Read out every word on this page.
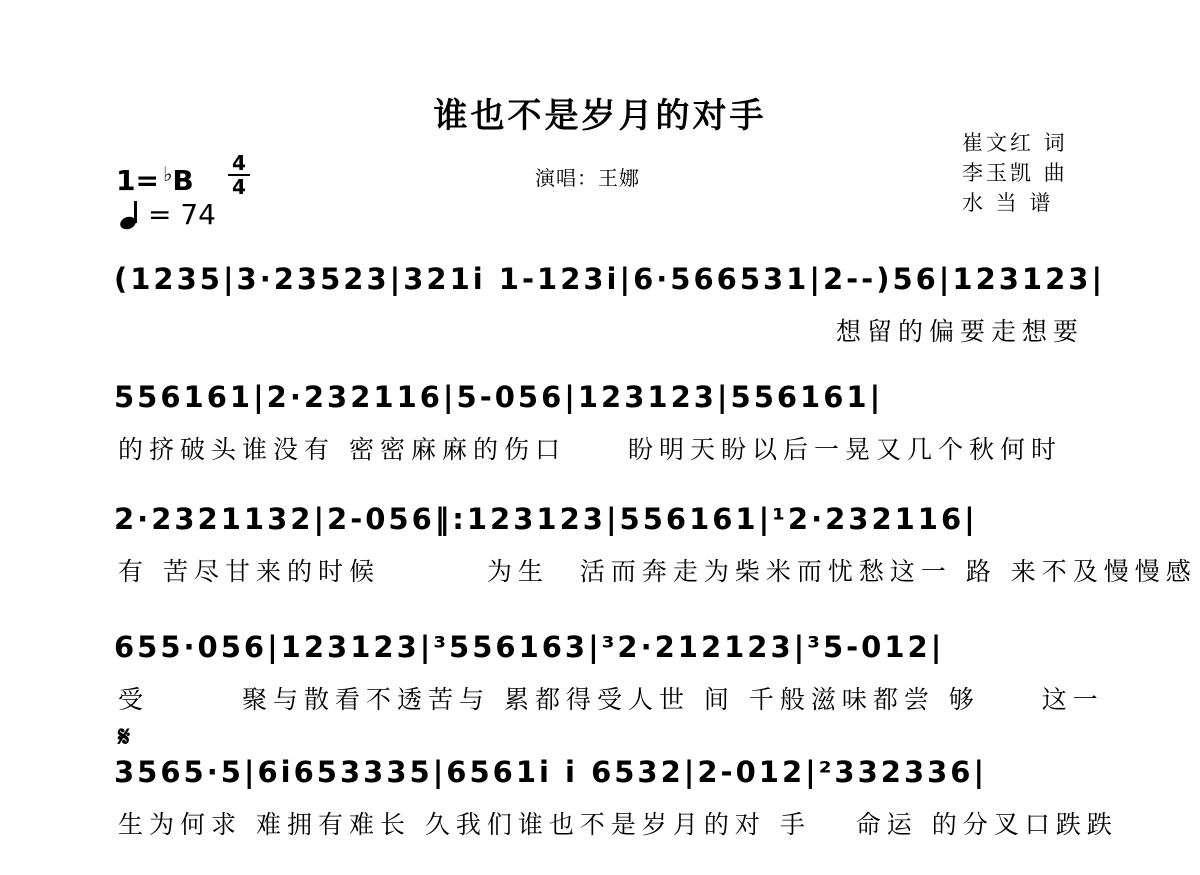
谁也不是岁月的对手
崔文红 词
李玉凯 曲
水 当 谱
演唱：王娜
1= ♭ B
4
4
= 74
(1235|3·23523|321i 1-123i|6·566531|2--)56|123123|
想留的偏要走想要
556161|2·232116|5-056|123123|556161|
的挤破头谁没有 密密麻麻的伤口　　盼明天盼以后一晃又几个秋何时
2·2321132|2-056‖:123123|556161|¹2·232116|
有 苦尽甘来的时候　　　 为生　活而奔走为柴米而忧愁这一 路 来不及慢慢感
655·056|123123|³556163|³2·212123|³5-012|
受　　　聚与散看不透苦与 累都得受人世 间 千般滋味都尝 够　　这一
𝄋
3565·5|6i653335|6561i i 6532|2-012|²332336|
生为何求 难拥有难长 久我们谁也不是岁月的对 手　 命运 的分叉口跌跌
